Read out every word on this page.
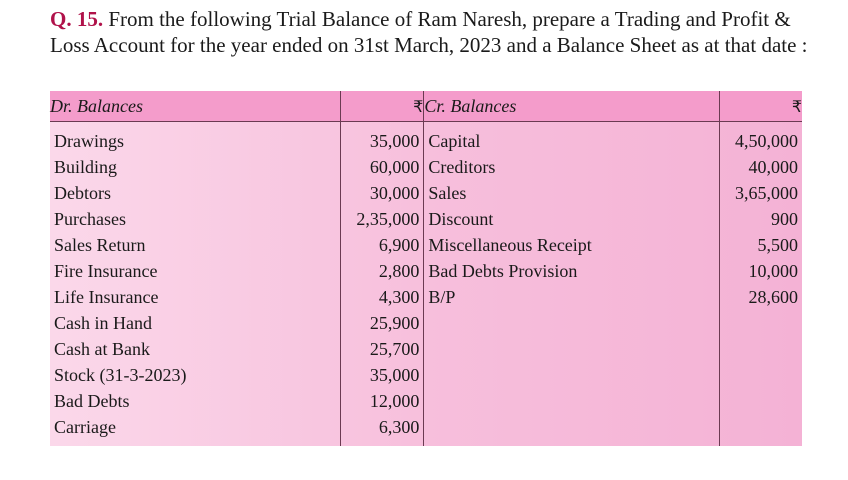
Q. 15. From the following Trial Balance of Ram Naresh, prepare a Trading and Profit & Loss Account for the year ended on 31st March, 2023 and a Balance Sheet as at that date :
Dr. Balances	₹	Cr. Balances	₹
Drawings	35,000	Capital	4,50,000
Building	60,000	Creditors	40,000
Debtors	30,000	Sales	3,65,000
Purchases	2,35,000	Discount	900
Sales Return	6,900	Miscellaneous Receipt	5,500
Fire Insurance	2,800	Bad Debts Provision	10,000
Life Insurance	4,300	B/P	28,600
Cash in Hand	25,900		
Cash at Bank	25,700		
Stock (31-3-2023)	35,000		
Bad Debts	12,000		
Carriage	6,300		
